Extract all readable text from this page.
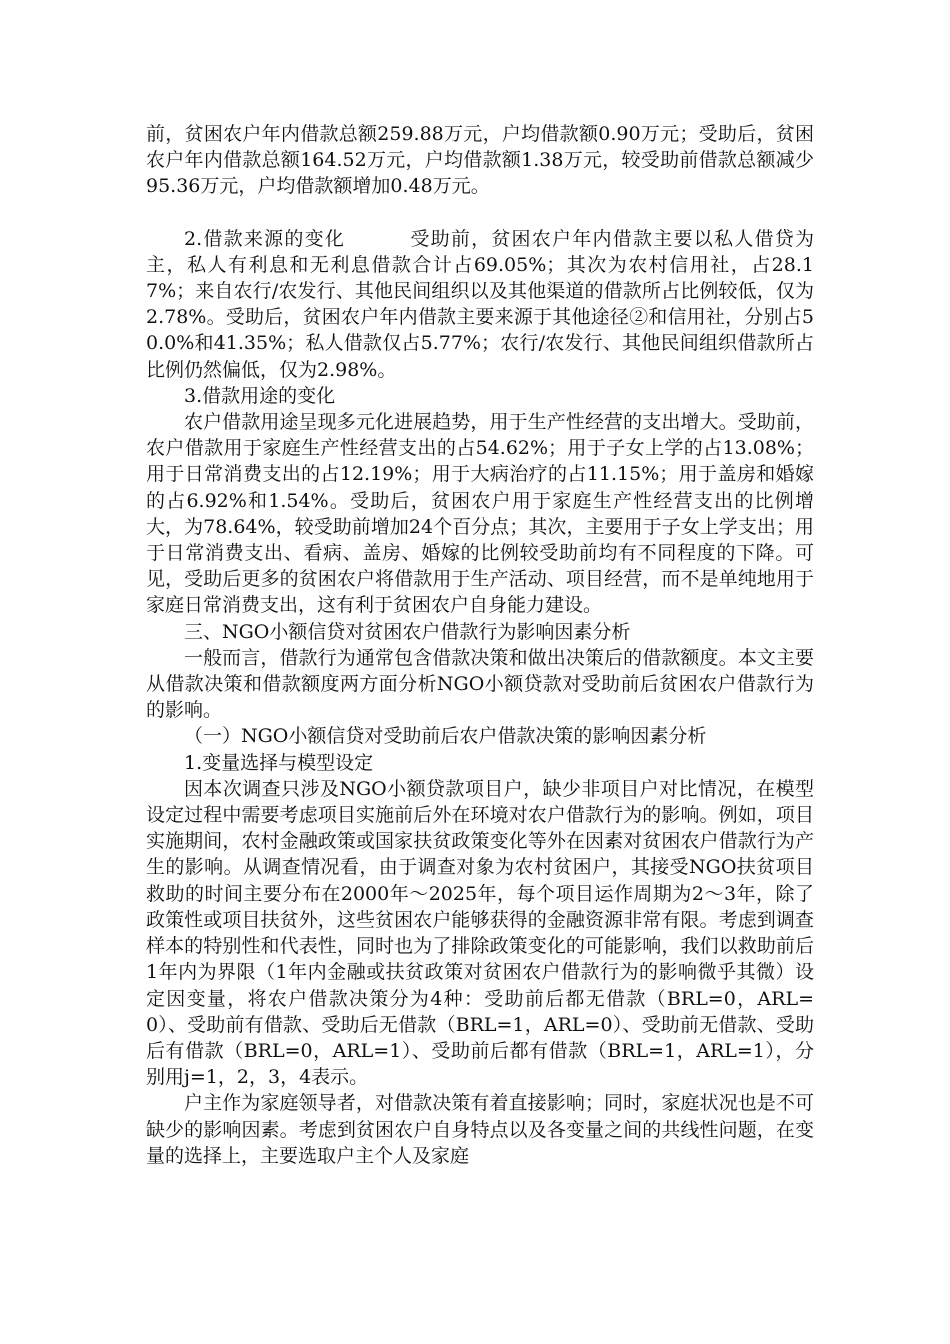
前，贫困农户年内借款总额259.88万元，户均借款额0.90万元；受助后，贫困农户年内借款总额164.52万元，户均借款额1.38万元，较受助前借款总额减少95.36万元，户均借款额增加0.48万元。

2.借款来源的变化	受助前，贫困农户年内借款主要以私人借贷为主，私人有利息和无利息借款合计占69.05%；其次为农村信用社，占28.17%；来自农行/农发行、其他民间组织以及其他渠道的借款所占比例较低，仅为2.78%。受助后，贫困农户年内借款主要来源于其他途径②和信用社，分别占50.0%和41.35%；私人借款仅占5.77%；农行/农发行、其他民间组织借款所占比例仍然偏低，仅为2.98%。

3.借款用途的变化

农户借款用途呈现多元化进展趋势，用于生产性经营的支出增大。受助前，农户借款用于家庭生产性经营支出的占54.62%；用于子女上学的占13.08%；用于日常消费支出的占12.19%；用于大病治疗的占11.15%；用于盖房和婚嫁的占6.92%和1.54%。受助后，贫困农户用于家庭生产性经营支出的比例增大，为78.64%，较受助前增加24个百分点；其次，主要用于子女上学支出；用于日常消费支出、看病、盖房、婚嫁的比例较受助前均有不同程度的下降。可见，受助后更多的贫困农户将借款用于生产活动、项目经营，而不是单纯地用于家庭日常消费支出，这有利于贫困农户自身能力建设。

三、NGO小额信贷对贫困农户借款行为影响因素分析

一般而言，借款行为通常包含借款决策和做出决策后的借款额度。本文主要从借款决策和借款额度两方面分析NGO小额贷款对受助前后贫困农户借款行为的影响。

（一）NGO小额信贷对受助前后农户借款决策的影响因素分析

1.变量选择与模型设定

因本次调查只涉及NGO小额贷款项目户，缺少非项目户对比情况，在模型设定过程中需要考虑项目实施前后外在环境对农户借款行为的影响。例如，项目实施期间，农村金融政策或国家扶贫政策变化等外在因素对贫困农户借款行为产生的影响。从调查情况看，由于调查对象为农村贫困户，其接受NGO扶贫项目救助的时间主要分布在2000年～2025年，每个项目运作周期为2～3年，除了政策性或项目扶贫外，这些贫困农户能够获得的金融资源非常有限。考虑到调查样本的特别性和代表性，同时也为了排除政策变化的可能影响，我们以救助前后1年内为界限（1年内金融或扶贫政策对贫困农户借款行为的影响微乎其微）设定因变量，将农户借款决策分为4种：受助前后都无借款（BRL=0，ARL=0）、受助前有借款、受助后无借款（BRL=1，ARL=0）、受助前无借款、受助后有借款（BRL=0，ARL=1）、受助前后都有借款（BRL=1，ARL=1），分别用j=1，2，3，4表示。

户主作为家庭领导者，对借款决策有着直接影响；同时，家庭状况也是不可缺少的影响因素。考虑到贫困农户自身特点以及各变量之间的共线性问题，在变量的选择上，主要选取户主个人及家庭
